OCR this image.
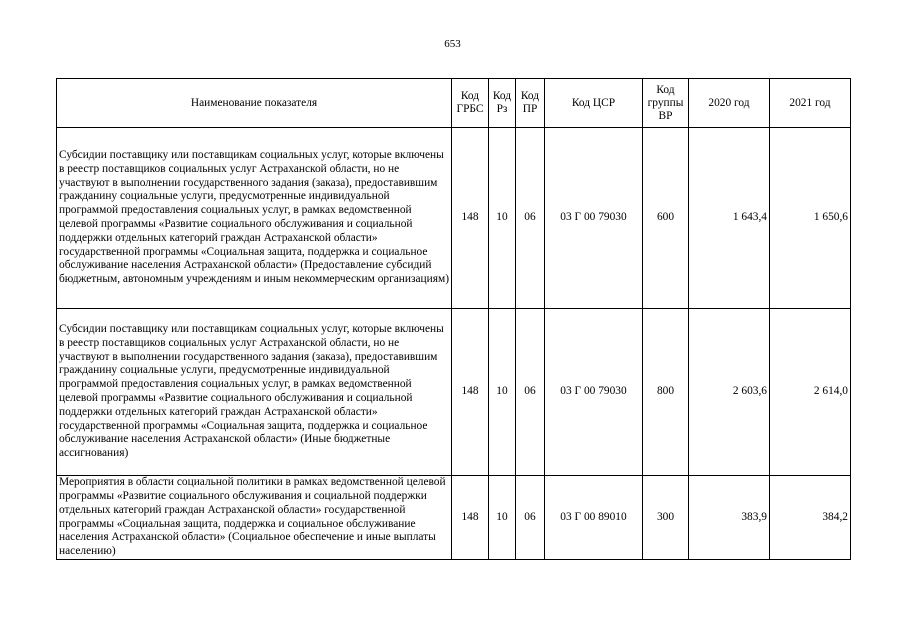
653
Наименование показателя	Код ГРБС	Код Рз	Код ПР	Код ЦСР	Код группы ВР	2020 год	2021 год
Субсидии поставщику или поставщикам социальных услуг, которые включены в реестр поставщиков социальных услуг Астраханской области, но не участвуют в выполнении государственного задания (заказа), предоставившим гражданину социальные услуги, предусмотренные индивидуальной программой предоставления социальных услуг, в рамках ведомственной целевой программы «Развитие социального обслуживания и социальной поддержки отдельных категорий граждан Астраханской области» государственной программы «Социальная защита, поддержка и социальное обслуживание населения Астраханской области» (Предоставление субсидий бюджетным, автономным учреждениям и иным некоммерческим организациям)	148	10	06	03 Г 00 79030	600	1 643,4	1 650,6
Субсидии поставщику или поставщикам социальных услуг, которые включены в реестр поставщиков социальных услуг Астраханской области, но не участвуют в выполнении государственного задания (заказа), предоставившим гражданину социальные услуги, предусмотренные индивидуальной программой предоставления социальных услуг, в рамках ведомственной целевой программы «Развитие социального обслуживания и социальной поддержки отдельных категорий граждан Астраханской области» государственной программы «Социальная защита, поддержка и социальное обслуживание населения Астраханской области» (Иные бюджетные ассигнования)	148	10	06	03 Г 00 79030	800	2 603,6	2 614,0
Мероприятия в области социальной политики в рамках ведомственной целевой программы «Развитие социального обслуживания и социальной поддержки отдельных категорий граждан Астраханской области» государственной программы «Социальная защита, поддержка и социальное обслуживание населения Астраханской области» (Социальное обеспечение и иные выплаты населению)	148	10	06	03 Г 00 89010	300	383,9	384,2
